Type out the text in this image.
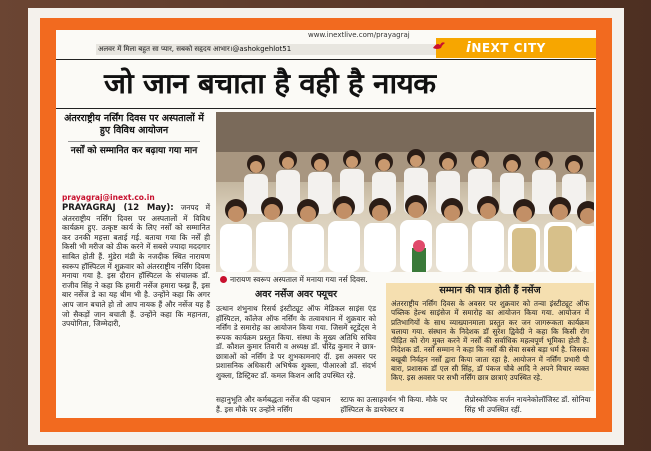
www.inextlive.com/prayagraj
अलवर में मिला बहुत सा प्यार, सबको सहृदय आभार।@ashokgehlot51	iNEXT CITY
जो जान बचाता है वही है नायक
अंतरराष्ट्रीय नर्सिंग दिवस पर अस्पतालों में हुए विविध आयोजन
नर्सों को सम्मानित कर बढ़ाया गया मान
prayagraj@inext.co.in
PRAYAGRAJ (12 May): जनपद में अंतरराष्ट्रीय नर्सिंग दिवस पर अस्पतालों में विविध कार्यक्रम हुए. उत्कृष्ट कार्य के लिए नर्सों को सम्मानित कर उनकी महत्ता बताई गई. बताया गया कि नर्सें ही किसी भी मरीज को ठीक करने में सबसे ज्यादा मददगार साबित होती हैं. मुंडेरा मंडी के नजदीक स्थित नारायण स्वरूप हॉस्पिटल में शुक्रवार को अंतरराष्ट्रीय नर्सिंग दिवस मनाया गया है. इस दौरान हॉस्पिटल के संचालक डॉ. राजीव सिंह ने कहा कि हमारी नर्सेज हमारा फख्र हैं, इस बार नर्सेज डे का यह थीम भी है. उन्होंने कहा कि अगर आप जान बचाते हो तो आप नायक हैं और नर्सेज यह हैं जो सैकड़ों जान बचाती हैं. उन्होंने कहा कि महानता, उपयोगिता, जिम्मेदारी,
नारायण स्वरूप अस्पताल में मनाया गया नर्स दिवस.
अवर नर्सेज अवर फ्यूचर
उत्थान शंभुनाथ रिसर्च इंस्टीट्यूट ऑफ मेडिकल साइंस एंड हॉस्पिटल, कॉलेज ऑफ नर्सिंग के तत्वावधान में शुक्रवार को नर्सिंग डे समारोह का आयोजन किया गया. जिसमें स्टूडेंट्स ने रूपक कार्यक्रम प्रस्तुत किया. संस्था के मुख्य अतिथि सचिव डॉ. कौशल कुमार तिवारी व अध्यक्ष डॉ. चीरेंद्र कुमार ने छात्र-छात्राओं को नर्सिंग डे पर शुभकामनाएं दीं. इस अवसर पर प्रशासनिक अधिकारी अभिषेक शुक्ला, पीआरओ डॉ. संदर्भ शुक्ला, डिस्ट्रिक्ट डॉ. कमल किशन आदि उपस्थित रहे.
सम्मान की पात्र होती हैं नर्सेज
अंतरराष्ट्रीय नर्सिंग दिवस के अवसर पर शुक्रवार को तन्वा इंस्टीट्यूट ऑफ पब्लिक हेल्थ साइंसेज में समारोह का आयोजन किया गया. आयोजन में प्रतिभागियों के साथ व्याख्यानमाला प्रस्तुत कर जन जागरूकता कार्यक्रम चलाया गया. संस्थान के निदेशक डॉ सुरेश द्विवेदी ने कहा कि किसी रोग पीड़ित को रोग मुक्त करने में नर्सों की सर्वाधिक महत्वपूर्ण भूमिका होती है. निदेशक डॉ. नर्सों सम्मान ने कहा कि नर्सों की सेवा सबसे बड़ा धर्म है. जिसका बखूबी निर्वहन नर्सों द्वारा किया जाता रहा है. आयोजन में नर्सिंग प्रभारी पी बारा, प्रशासक डॉ एल सी सिंह, डॉ पंकज चौबे आदि ने अपने विचार व्यक्त किए. इस अवसर पर सभी नर्सिंग छात्र छात्राएं उपस्थित रहे.
सहानुभूति और कर्मबद्धता नर्सेज की पहचान हैं. इस मौके पर उन्होंने नर्सिंग स्टाफ का उत्साहवर्धन भी किया. मौके पर हॉस्पिटल के डायरेक्टर व लैप्रोस्कोपिक सर्जन नायनेकोलॉजिस्ट डॉ. सोनिया सिंह भी उपस्थित रहीं.
